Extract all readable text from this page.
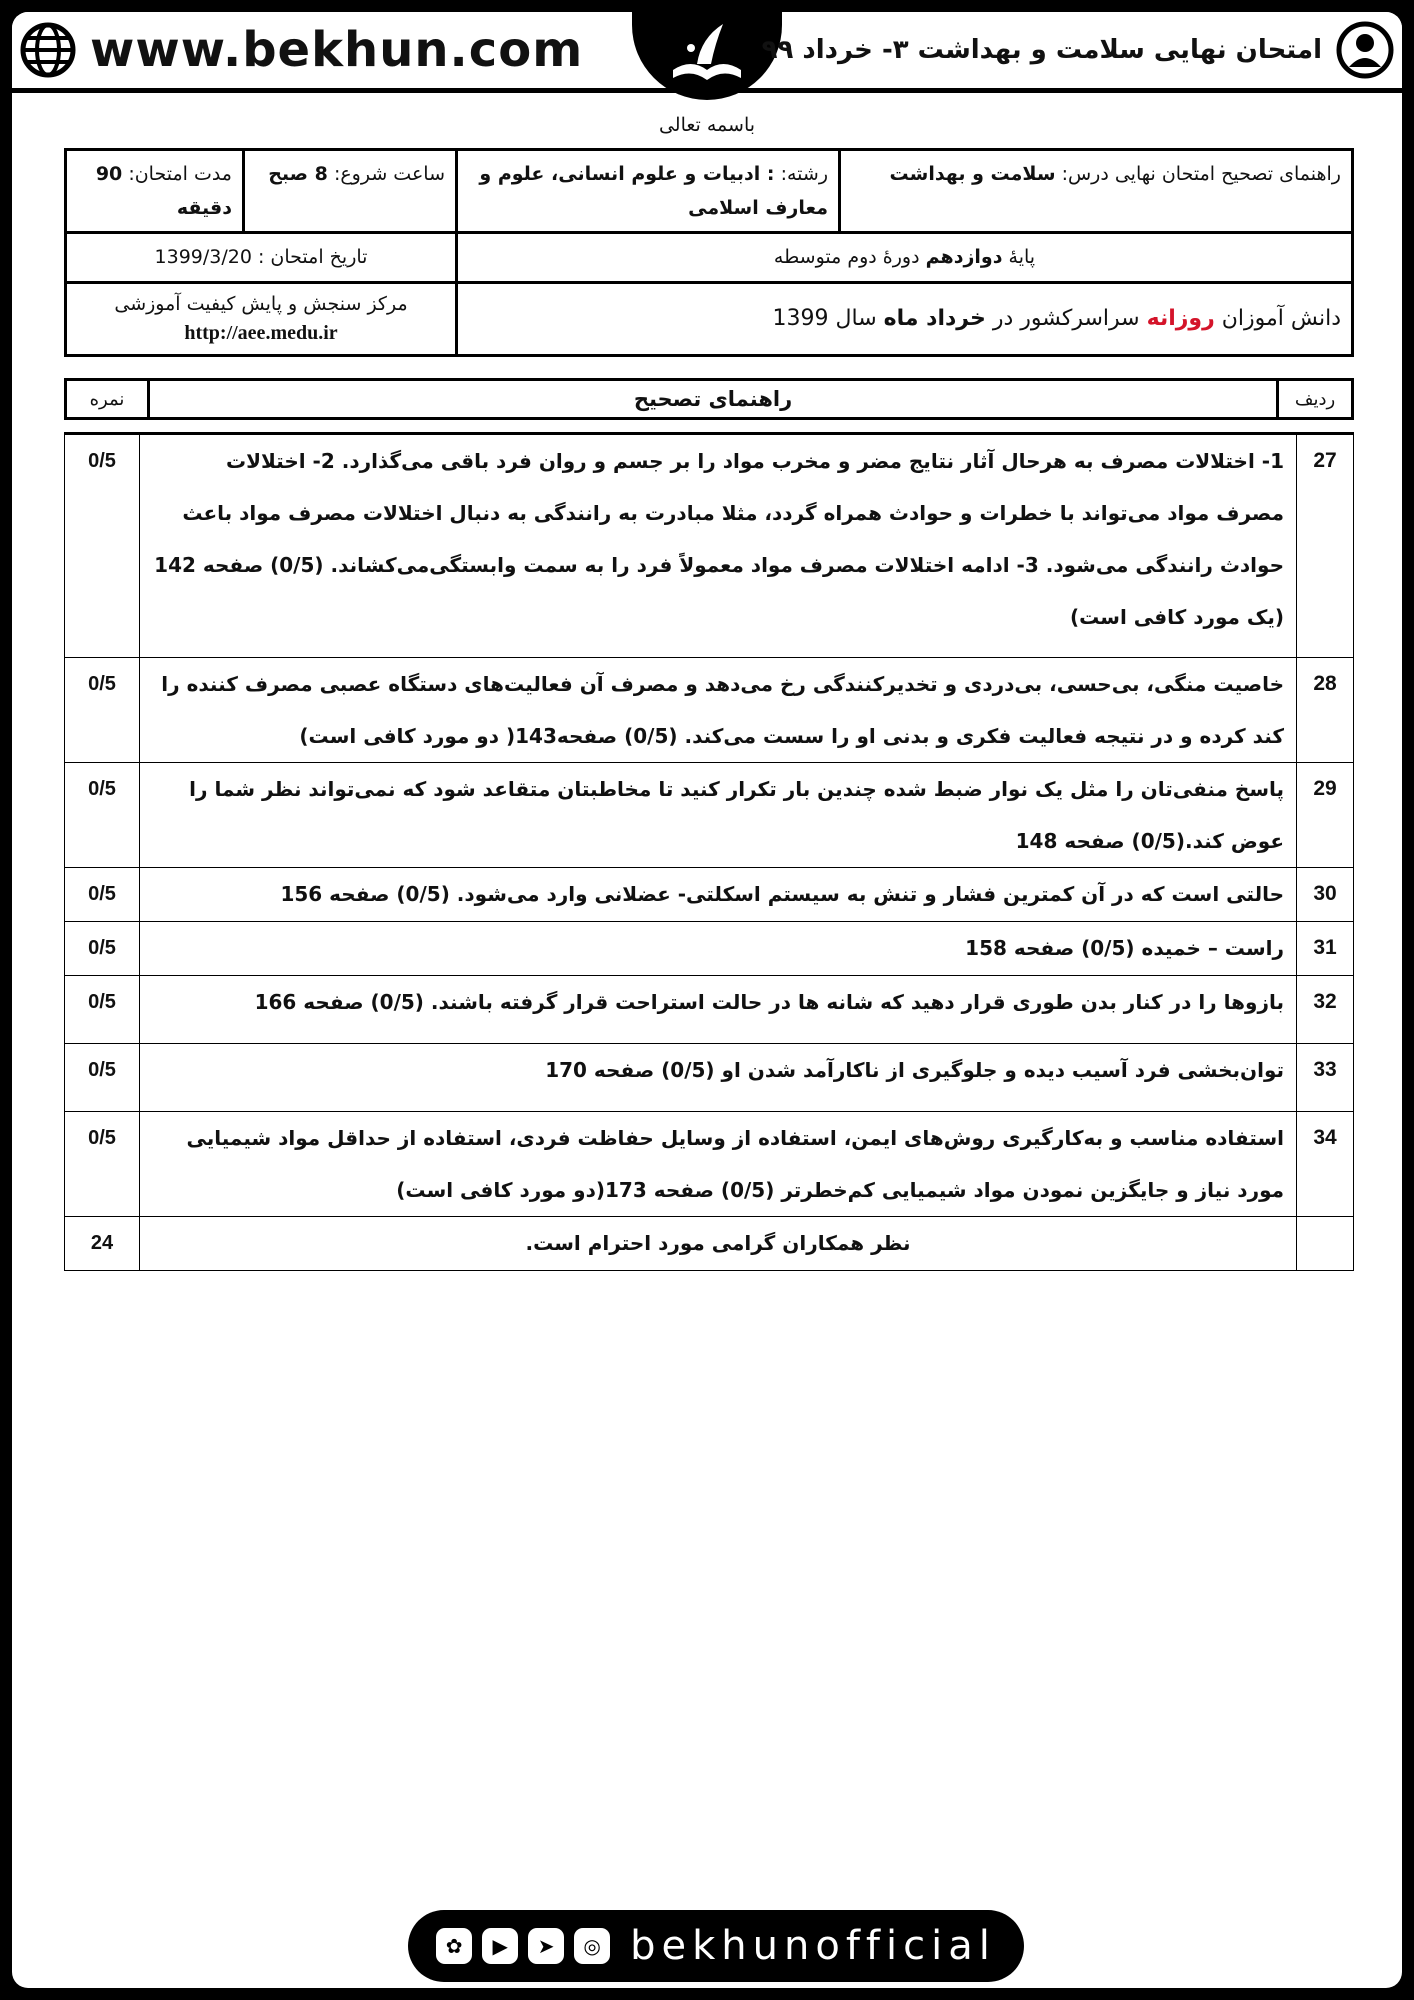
www.bekhun.com	امتحان نهایی سلامت و بهداشت ۳- خرداد ۹۹
باسمه تعالی
راهنمای تصحیح امتحان نهایی درس: سلامت و بهداشت	رشته: : ادبیات و علوم انسانی، علوم و معارف اسلامی	ساعت شروع: 8 صبح	مدت امتحان: 90 دقیقه
پایۀ دوازدهم دورۀ دوم متوسطه		تاریخ امتحان : 1399/3/20	
دانش آموزان روزانه سراسرکشور در خرداد ماه سال 1399		مرکز سنجش و پایش کیفیت آموزشی
http://aee.medu.ir	
ردیف	راهنمای تصحیح	نمره
27	1- اختلالات مصرف به هرحال آثار نتایج مضر و مخرب مواد را بر جسم و روان فرد باقی می‌گذارد. 2- اختلالات مصرف مواد می‌تواند با خطرات و حوادث همراه گردد، مثلا مبادرت به رانندگی به دنبال اختلالات مصرف مواد باعث حوادث رانندگی می‌شود. 3- ادامه اختلالات مصرف مواد معمولاً فرد را به سمت وابستگی‌می‌کشاند. (0/5) صفحه 142 (یک مورد کافی است)	0/5
28	خاصیت منگی، بی‌حسی، بی‌دردی و تخدیرکنندگی رخ می‌دهد و مصرف آن فعالیت‌های دستگاه عصبی مصرف کننده را کند کرده و در نتیجه فعالیت فکری و بدنی او را سست می‌کند. (0/5) صفحه143( دو مورد کافی است)	0/5
29	پاسخ منفی‌تان را مثل یک نوار ضبط شده چندین بار تکرار کنید تا مخاطبتان متقاعد شود که نمی‌تواند نظر شما را عوض کند.(0/5) صفحه 148	0/5
30	حالتی است که در آن کمترین فشار و تنش به سیستم اسکلتی- عضلانی وارد می‌شود. (0/5) صفحه 156	0/5
31	راست – خمیده (0/5) صفحه 158	0/5
32	بازوها را در کنار بدن طوری قرار دهید که شانه ها در حالت استراحت قرار گرفته باشند. (0/5) صفحه 166	0/5
33	توان‌بخشی فرد آسیب دیده و جلوگیری از ناکارآمد شدن او (0/5) صفحه 170	0/5
34	استفاده مناسب و به‌کارگیری روش‌های ایمن، استفاده از وسایل حفاظت فردی، استفاده از حداقل مواد شیمیایی مورد نیاز و جایگزین نمودن مواد شیمیایی کم‌خطرتر (0/5) صفحه 173(دو مورد کافی است)	0/5
	نظر همکاران گرامی مورد احترام است.	24
✿	▶	➤	◎ bekhunofficial
